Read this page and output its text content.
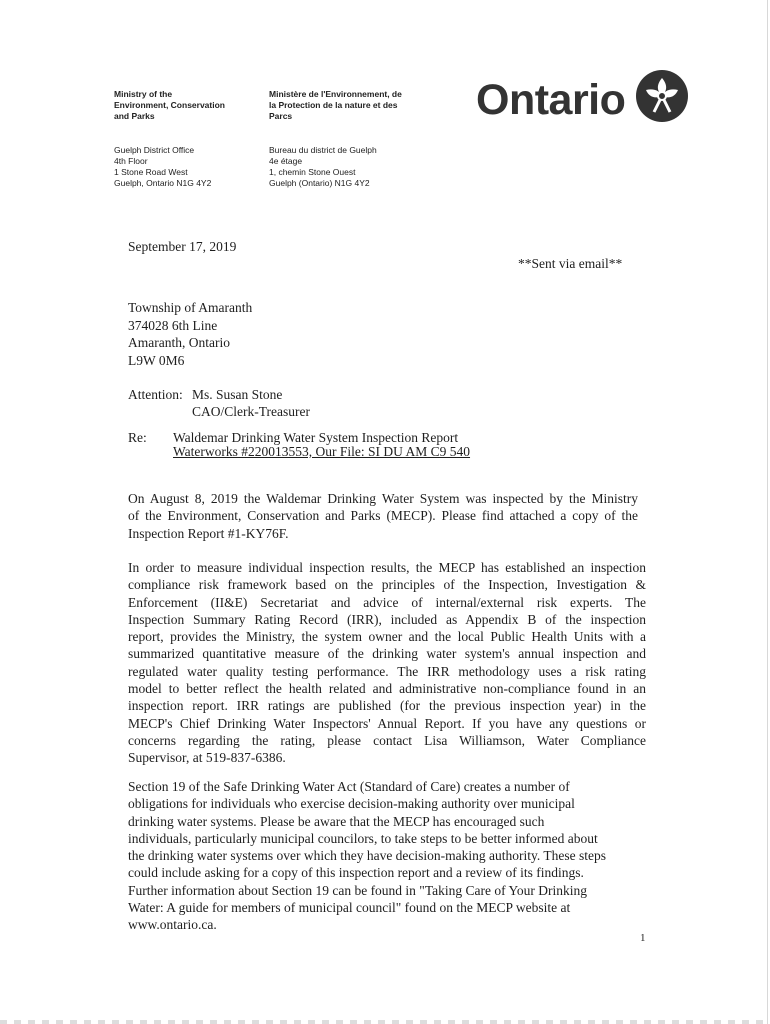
Ministry of the
Environment, Conservation
and Parks
Ministère de l'Environnement, de
la Protection de la nature et des
Parcs
Guelph District Office
4th Floor
1 Stone Road West
Guelph, Ontario N1G 4Y2
Bureau du district de Guelph
4e étage
1, chemin Stone Ouest
Guelph (Ontario) N1G 4Y2
Ontario
September 17, 2019
**Sent via email**
Township of Amaranth
374028 6th Line
Amaranth, Ontario
L9W 0M6
Attention: Ms. Susan Stone
CAO/Clerk-Treasurer
Re: Waldemar Drinking Water System Inspection Report
Waterworks #220013553, Our File: SI DU AM C9 540
On August 8, 2019 the Waldemar Drinking Water System was inspected by the Ministry
of the Environment, Conservation and Parks (MECP). Please find attached a copy of the
Inspection Report #1-KY76F.
In order to measure individual inspection results, the MECP has established an inspection
compliance risk framework based on the principles of the Inspection, Investigation &
Enforcement (II&E) Secretariat and advice of internal/external risk experts. The
Inspection Summary Rating Record (IRR), included as Appendix B of the inspection
report, provides the Ministry, the system owner and the local Public Health Units with a
summarized quantitative measure of the drinking water system's annual inspection and
regulated water quality testing performance. The IRR methodology uses a risk rating
model to better reflect the health related and administrative non-compliance found in an
inspection report. IRR ratings are published (for the previous inspection year) in the
MECP's Chief Drinking Water Inspectors' Annual Report. If you have any questions or
concerns regarding the rating, please contact Lisa Williamson, Water Compliance
Supervisor, at 519-837-6386.
Section 19 of the Safe Drinking Water Act (Standard of Care) creates a number of
obligations for individuals who exercise decision-making authority over municipal
drinking water systems. Please be aware that the MECP has encouraged such
individuals, particularly municipal councilors, to take steps to be better informed about
the drinking water systems over which they have decision-making authority. These steps
could include asking for a copy of this inspection report and a review of its findings.
Further information about Section 19 can be found in "Taking Care of Your Drinking
Water: A guide for members of municipal council" found on the MECP website at
www.ontario.ca.
1
